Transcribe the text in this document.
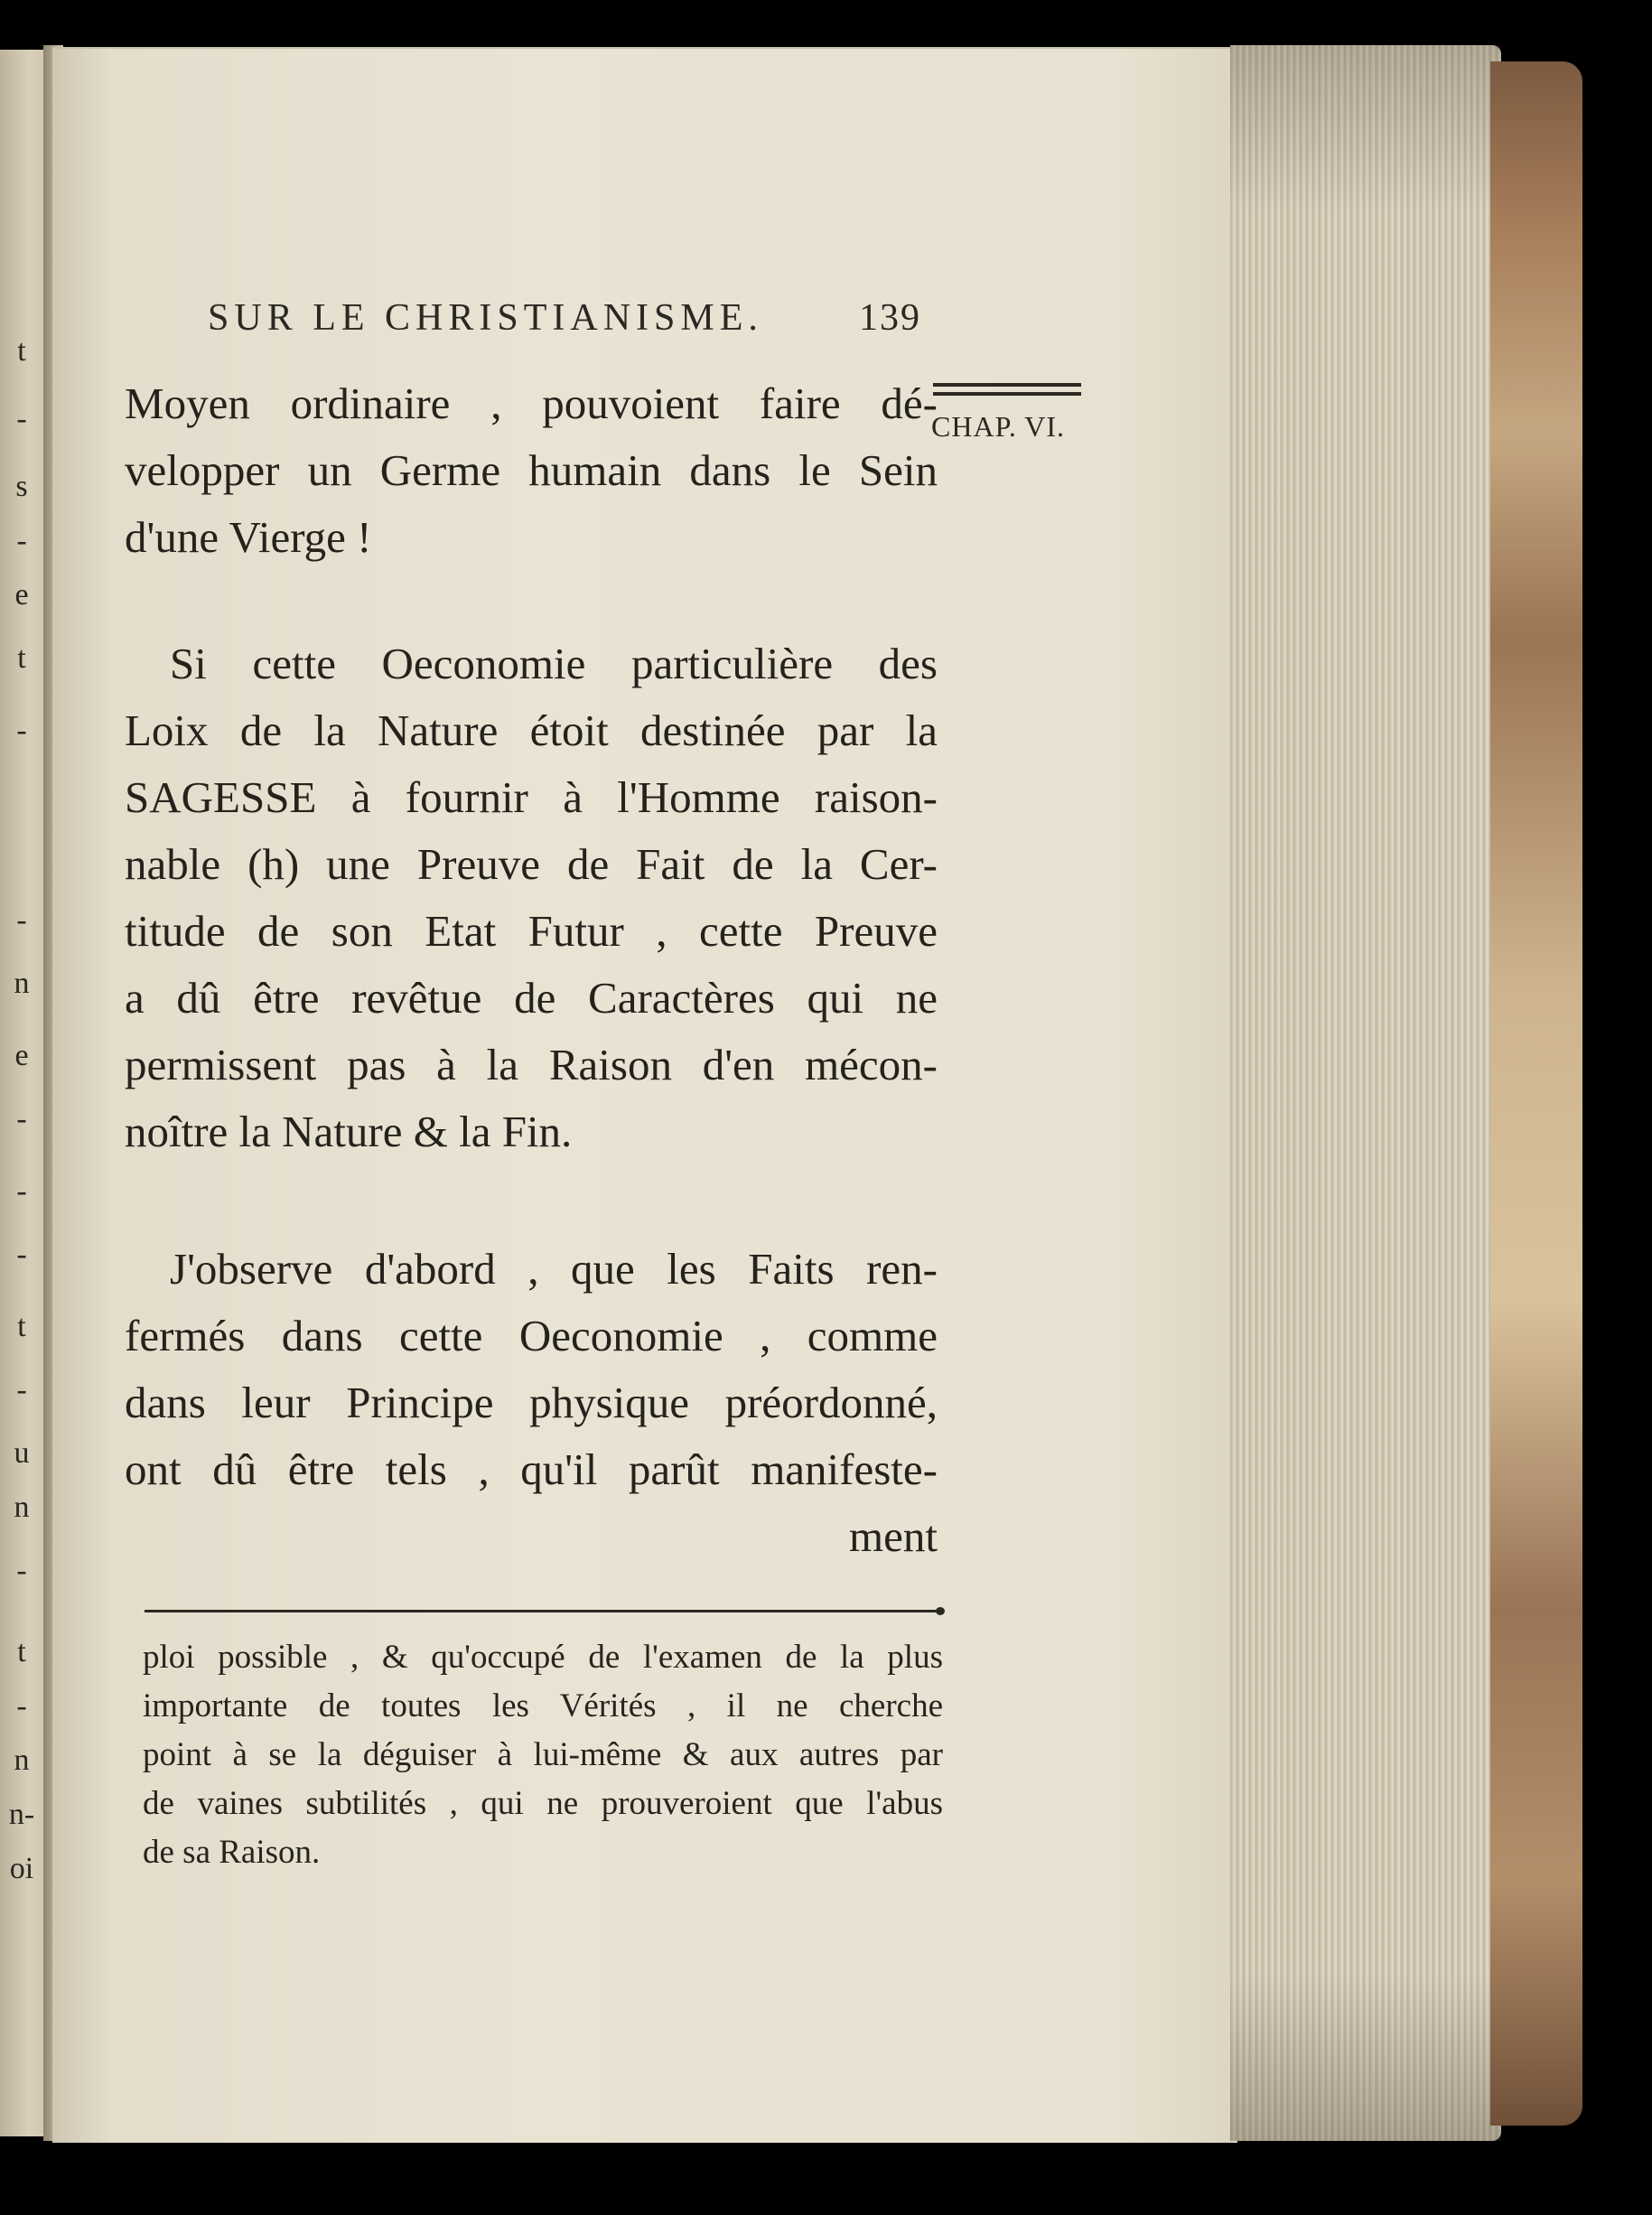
t
-
s
-
e
t
-
-
n
e
-
-
-
t
-
u
n
-
t
-
n
n-
oi
SUR LE CHRISTIANISME.	139
CHAP. VI.

Moyen ordinaire , pouvoient faire dé-
velopper un Germe humain dans le Sein
d'une Vierge !

Si cette Oeconomie particulière des
Loix de la Nature étoit destinée par la
SAGESSE à fournir à l'Homme raison-
nable (h) une Preuve de Fait de la Cer-
titude de son Etat Futur , cette Preuve
a dû être revêtue de Caractères qui ne
permissent pas à la Raison d'en mécon-
noître la Nature & la Fin.

J'observe d'abord , que les Faits ren-
fermés dans cette Oeconomie , comme
dans leur Principe physique préordonné,
ont dû être tels , qu'il parût manifeste-
ment

ploi possible , & qu'occupé de l'examen de la plus
importante de toutes les Vérités , il ne cherche
point à se la déguiser à lui-même & aux autres par
de vaines subtilités , qui ne prouveroient que l'abus
de sa Raison.
